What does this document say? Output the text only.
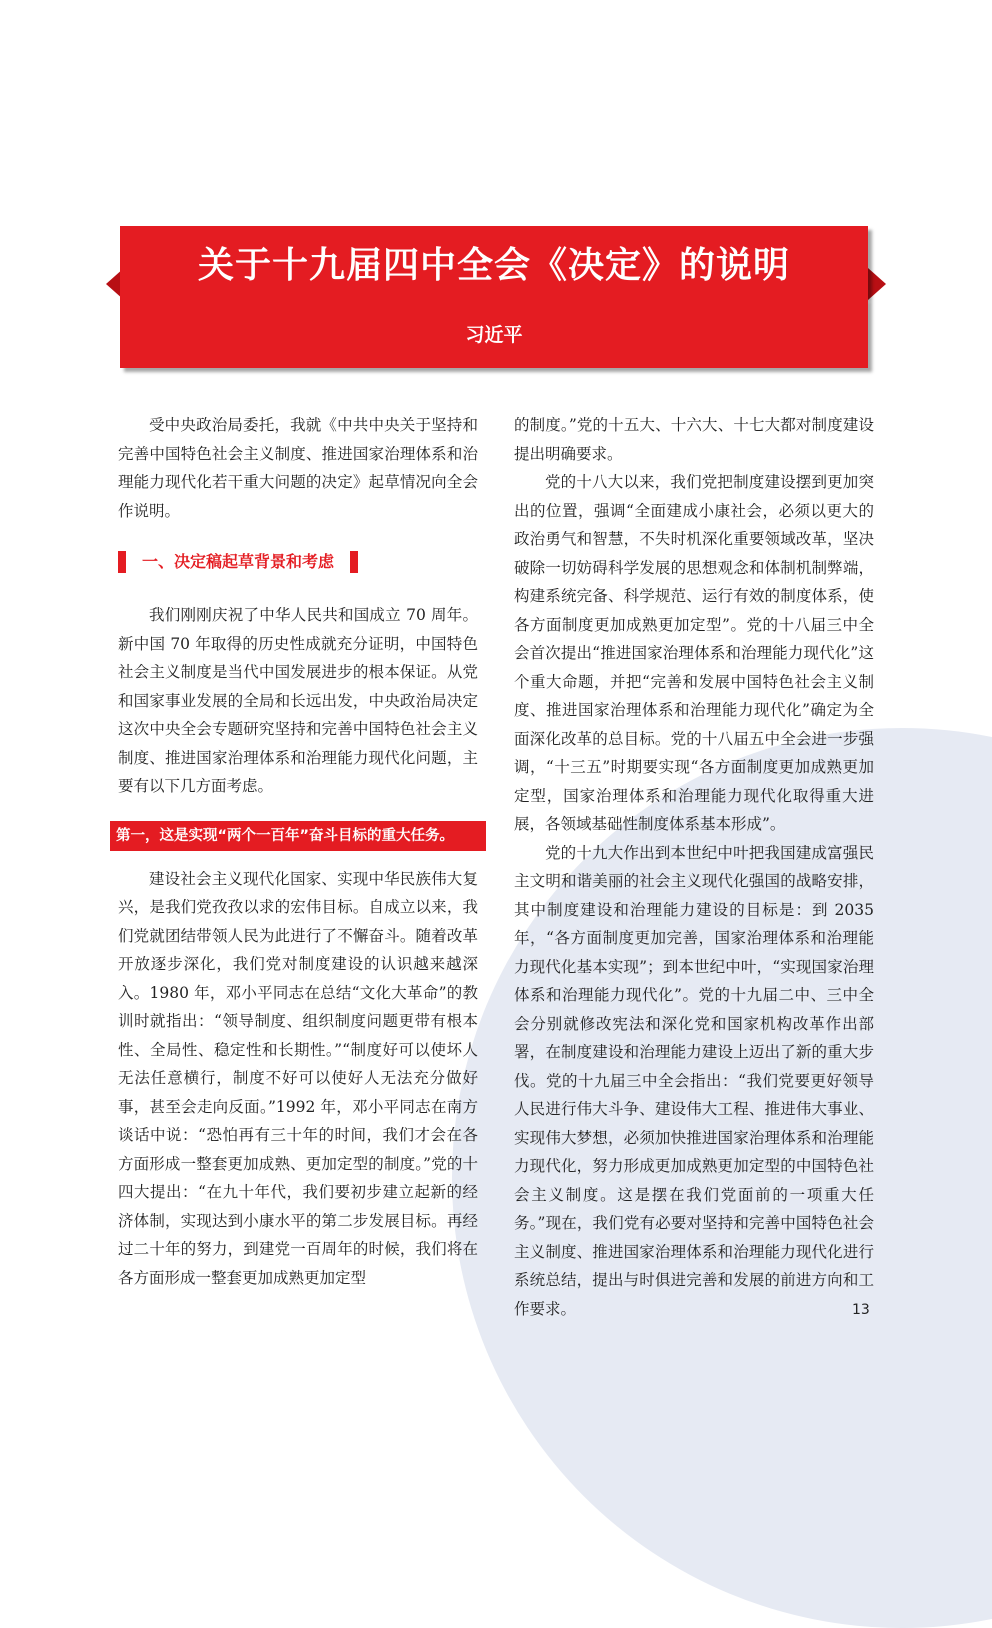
关于十九届四中全会《决定》的说明
习近平

受中央政治局委托，我就《中共中央关于坚持和完善中国特色社会主义制度、推进国家治理体系和治理能力现代化若干重大问题的决定》起草情况向全会作说明。

一、决定稿起草背景和考虑

我们刚刚庆祝了中华人民共和国成立 70 周年。新中国 70 年取得的历史性成就充分证明，中国特色社会主义制度是当代中国发展进步的根本保证。从党和国家事业发展的全局和长远出发，中央政治局决定这次中央全会专题研究坚持和完善中国特色社会主义制度、推进国家治理体系和治理能力现代化问题，主要有以下几方面考虑。

第一，这是实现“两个一百年”奋斗目标的重大任务。

建设社会主义现代化国家、实现中华民族伟大复兴，是我们党孜孜以求的宏伟目标。自成立以来，我们党就团结带领人民为此进行了不懈奋斗。随着改革开放逐步深化，我们党对制度建设的认识越来越深入。1980 年，邓小平同志在总结“文化大革命”的教训时就指出：“领导制度、组织制度问题更带有根本性、全局性、稳定性和长期性。”“制度好可以使坏人无法任意横行，制度不好可以使好人无法充分做好事，甚至会走向反面。”1992 年，邓小平同志在南方谈话中说：“恐怕再有三十年的时间，我们才会在各方面形成一整套更加成熟、更加定型的制度。”党的十四大提出：“在九十年代，我们要初步建立起新的经济体制，实现达到小康水平的第二步发展目标。再经过二十年的努力，到建党一百周年的时候，我们将在各方面形成一整套更加成熟更加定型

的制度。”党的十五大、十六大、十七大都对制度建设提出明确要求。

党的十八大以来，我们党把制度建设摆到更加突出的位置，强调“全面建成小康社会，必须以更大的政治勇气和智慧，不失时机深化重要领域改革，坚决破除一切妨碍科学发展的思想观念和体制机制弊端，构建系统完备、科学规范、运行有效的制度体系，使各方面制度更加成熟更加定型”。党的十八届三中全会首次提出“推进国家治理体系和治理能力现代化”这个重大命题，并把“完善和发展中国特色社会主义制度、推进国家治理体系和治理能力现代化”确定为全面深化改革的总目标。党的十八届五中全会进一步强调，“十三五”时期要实现“各方面制度更加成熟更加定型，国家治理体系和治理能力现代化取得重大进展，各领域基础性制度体系基本形成”。

党的十九大作出到本世纪中叶把我国建成富强民主文明和谐美丽的社会主义现代化强国的战略安排，其中制度建设和治理能力建设的目标是：到 2035 年，“各方面制度更加完善，国家治理体系和治理能力现代化基本实现”；到本世纪中叶，“实现国家治理体系和治理能力现代化”。党的十九届二中、三中全会分别就修改宪法和深化党和国家机构改革作出部署，在制度建设和治理能力建设上迈出了新的重大步伐。党的十九届三中全会指出：“我们党要更好领导人民进行伟大斗争、建设伟大工程、推进伟大事业、实现伟大梦想，必须加快推进国家治理体系和治理能力现代化，努力形成更加成熟更加定型的中国特色社会主义制度。这是摆在我们党面前的一项重大任务。”现在，我们党有必要对坚持和完善中国特色社会主义制度、推进国家治理体系和治理能力现代化进行系统总结，提出与时俱进完善和发展的前进方向和工作要求。	13
